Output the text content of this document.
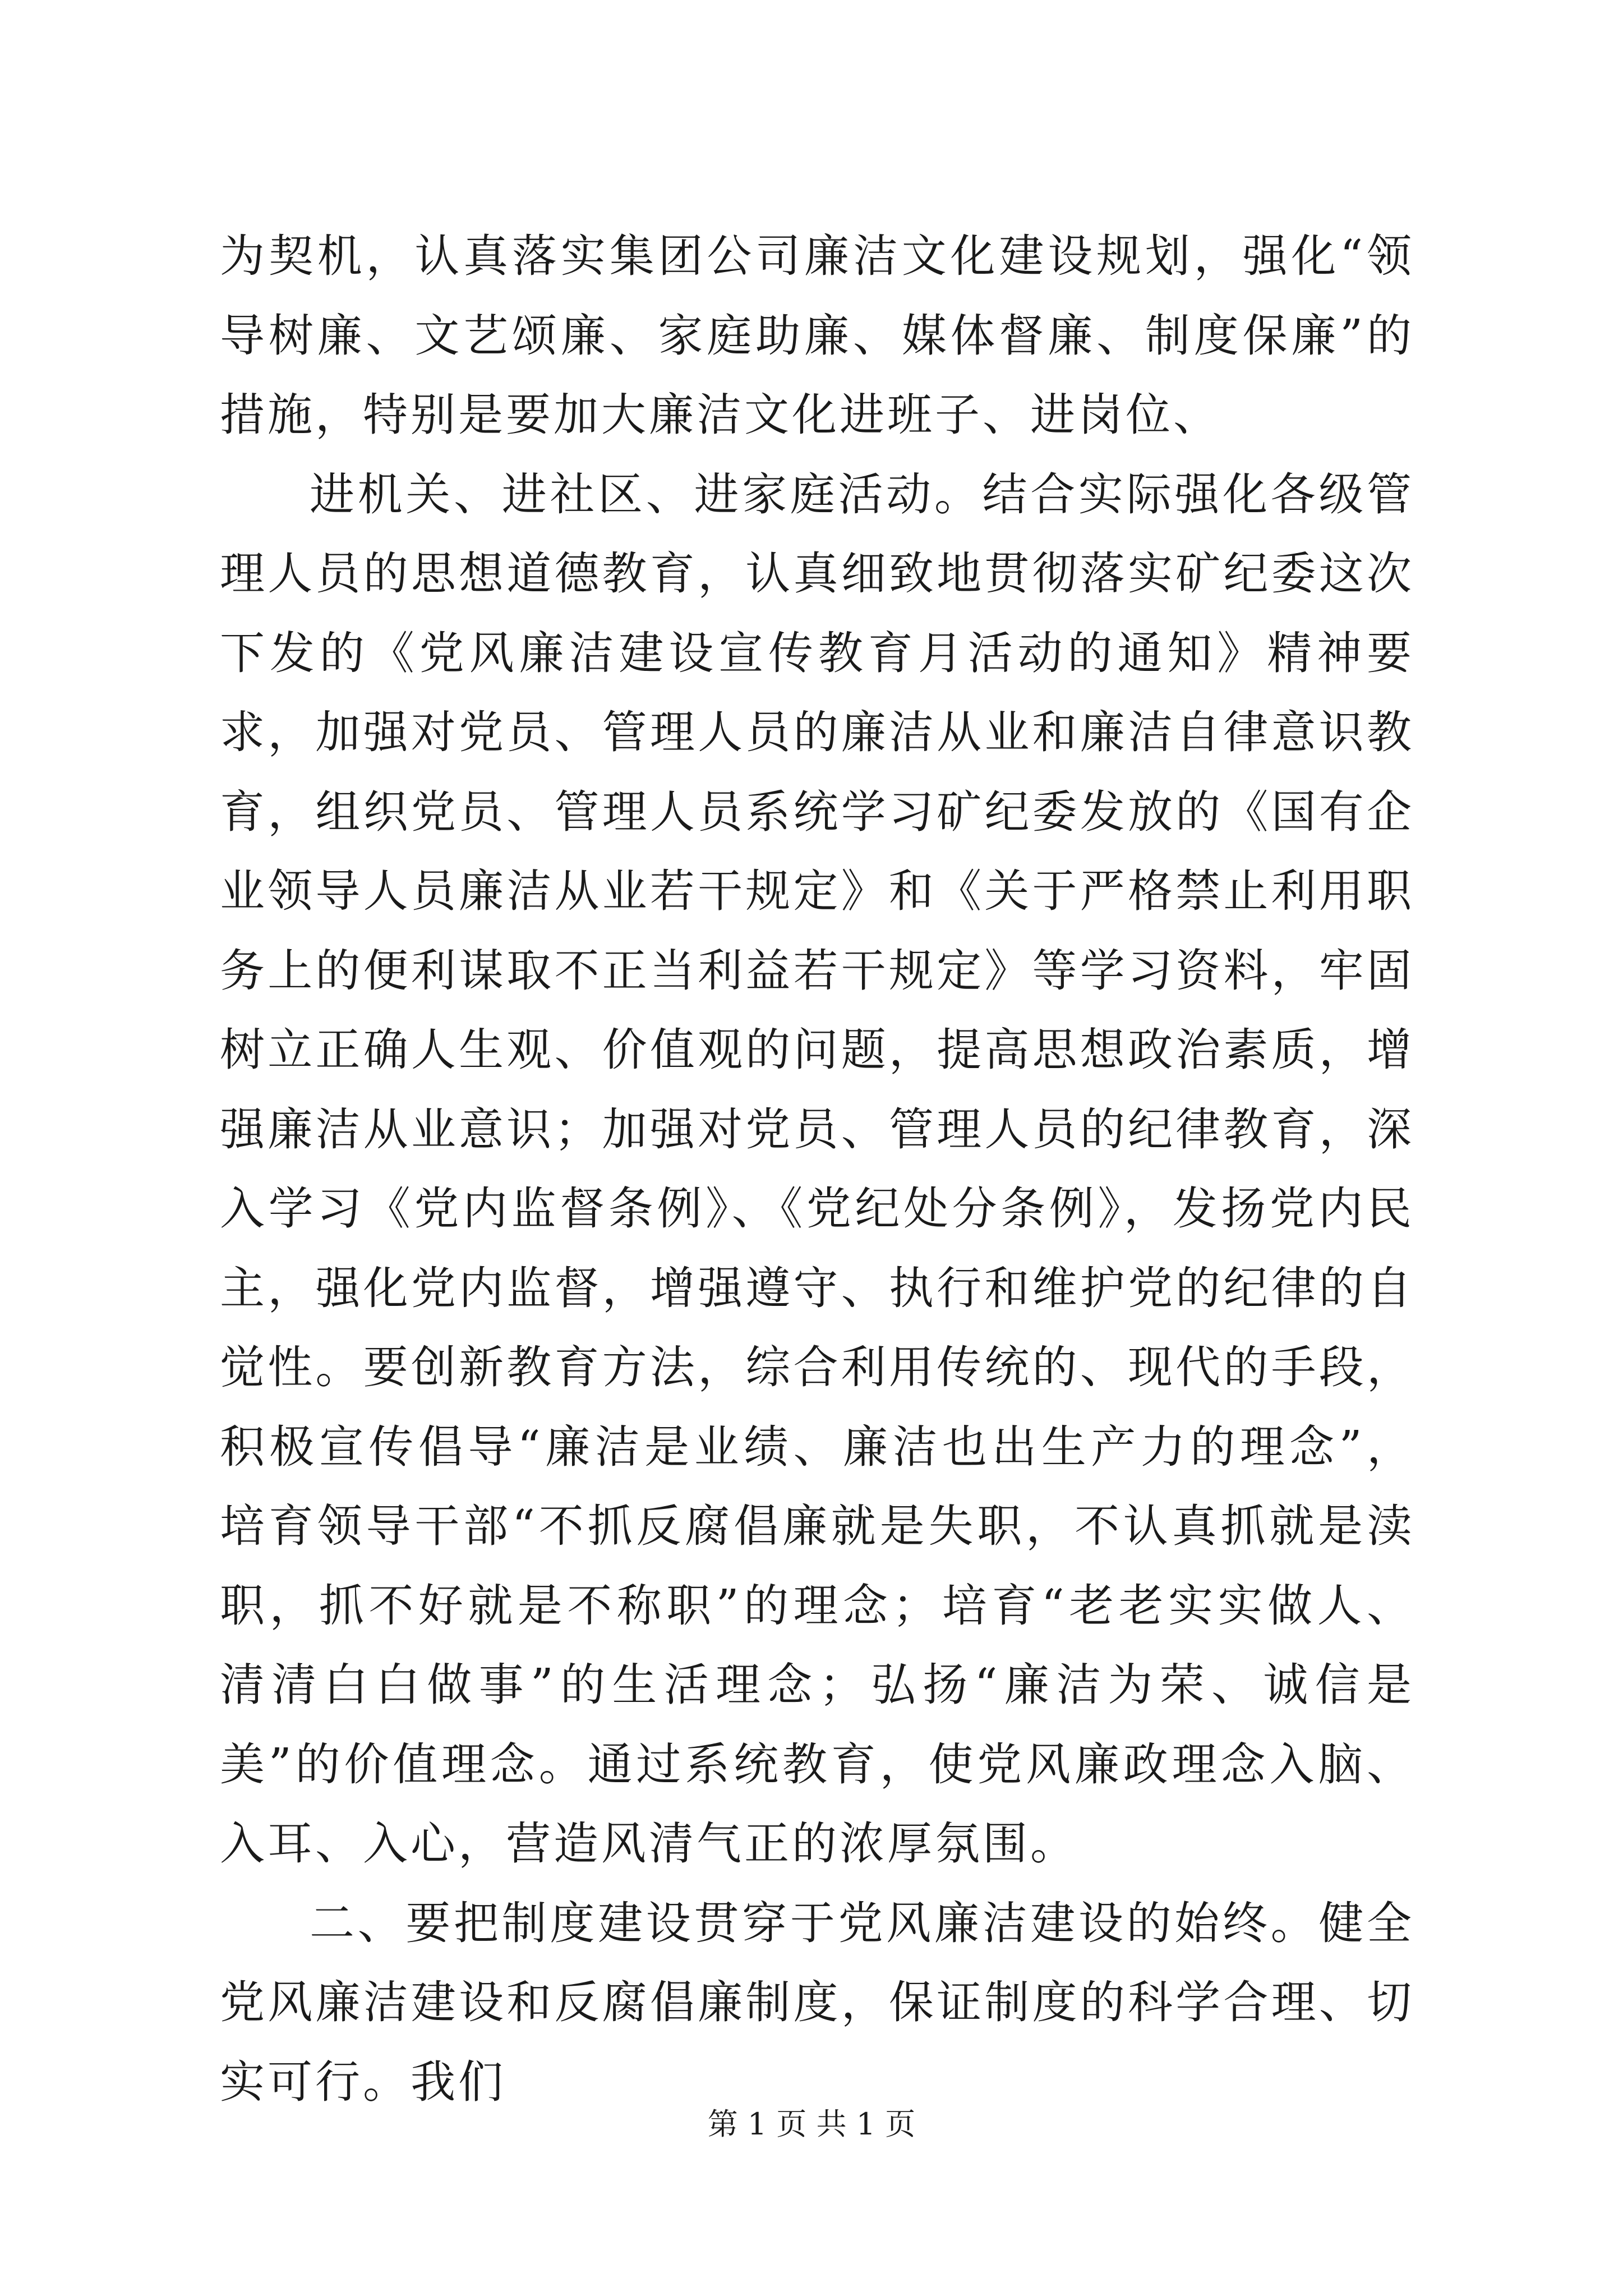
为契机，认真落实集团公司廉洁文化建设规划，强化“领导树廉、文艺颂廉、家庭助廉、媒体督廉、制度保廉”的措施，特别是要加大廉洁文化进班子、进岗位、

进机关、进社区、进家庭活动。结合实际强化各级管理人员的思想道德教育，认真细致地贯彻落实矿纪委这次下发的《党风廉洁建设宣传教育月活动的通知》精神要求，加强对党员、管理人员的廉洁从业和廉洁自律意识教育，组织党员、管理人员系统学习矿纪委发放的《国有企业领导人员廉洁从业若干规定》和《关于严格禁止利用职务上的便利谋取不正当利益若干规定》等学习资料，牢固树立正确人生观、价值观的问题，提高思想政治素质，增强廉洁从业意识；加强对党员、管理人员的纪律教育，深入学习《党内监督条例》、《党纪处分条例》，发扬党内民主，强化党内监督，增强遵守、执行和维护党的纪律的自觉性。要创新教育方法，综合利用传统的、现代的手段，积极宣传倡导“廉洁是业绩、廉洁也出生产力的理念”，培育领导干部“不抓反腐倡廉就是失职，不认真抓就是渎职，抓不好就是不称职”的理念；培育“老老实实做人、清清白白做事”的生活理念；弘扬“廉洁为荣、诚信是美”的价值理念。通过系统教育，使党风廉政理念入脑、入耳、入心，营造风清气正的浓厚氛围。

二、要把制度建设贯穿于党风廉洁建设的始终。健全党风廉洁建设和反腐倡廉制度，保证制度的科学合理、切实可行。我们

第 1 页 共 1 页
